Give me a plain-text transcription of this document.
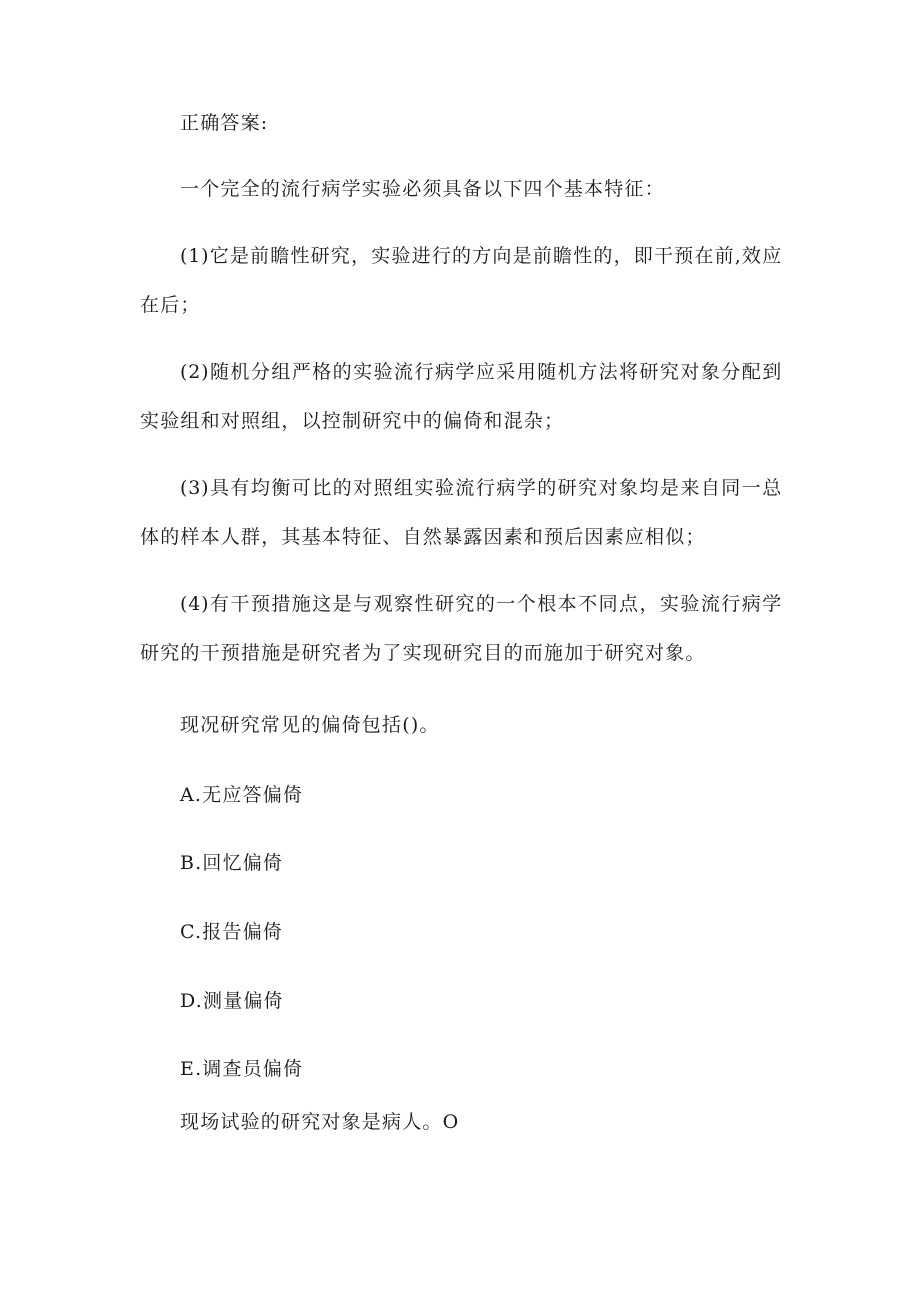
正确答案:
一个完全的流行病学实验必须具备以下四个基本特征：
(1)它是前瞻性研究，实验进行的方向是前瞻性的，即干预在前,效应
在后；
(2)随机分组严格的实验流行病学应采用随机方法将研究对象分配到
实验组和对照组，以控制研究中的偏倚和混杂；
(3)具有均衡可比的对照组实验流行病学的研究对象均是来自同一总
体的样本人群，其基本特征、自然暴露因素和预后因素应相似；
(4)有干预措施这是与观察性研究的一个根本不同点，实验流行病学
研究的干预措施是研究者为了实现研究目的而施加于研究对象。
现况研究常见的偏倚包括()。
A.无应答偏倚
B.回忆偏倚
C.报告偏倚
D.测量偏倚
E.调查员偏倚
现场试验的研究对象是病人。O
